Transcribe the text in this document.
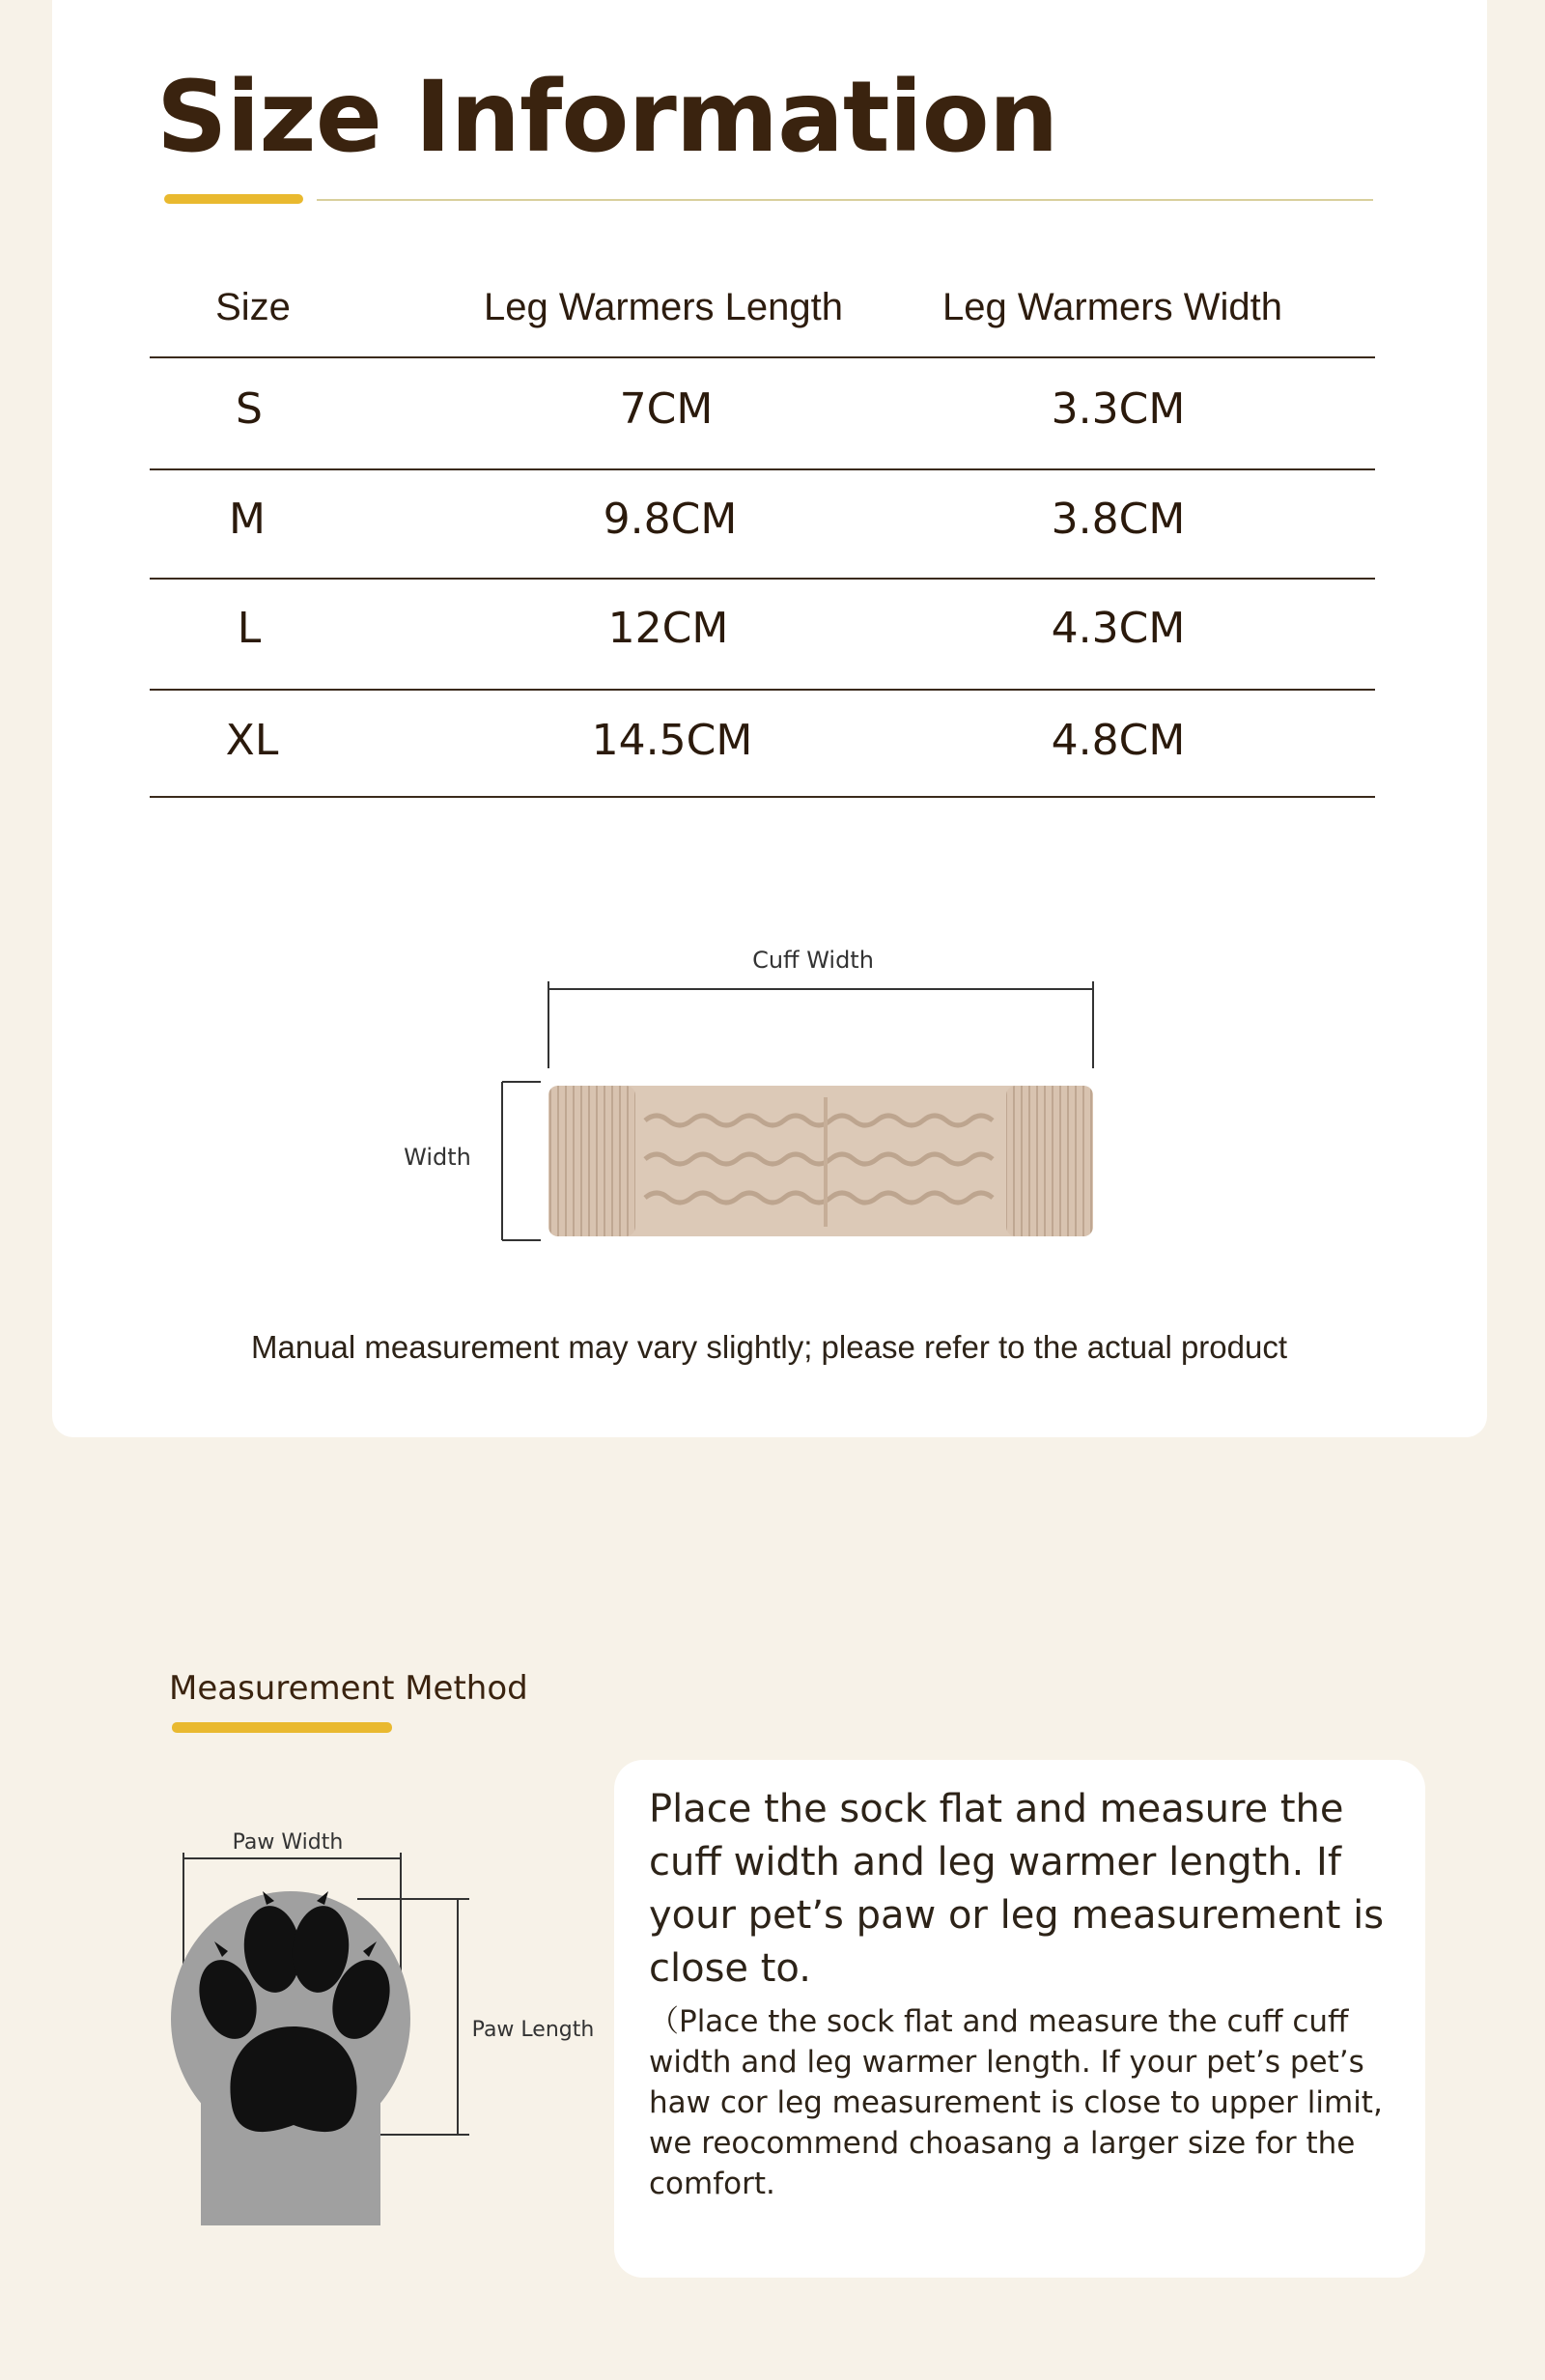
Size Information
Size	Leg Warmers Length	Leg Warmers Width
S	7CM	3.3CM
M	9.8CM	3.8CM
L	12CM	4.3CM
XL	14.5CM	4.8CM
Cuff Width
Width
Manual measurement may vary slightly; please refer to the actual product
Measurement Method
Paw Width
Paw Length

Place the sock flat and measure the cuff width and leg warmer length. If your pet’s paw or leg measurement is close to.

（Place the sock flat and measure the cuff cuff width and leg warmer length. If your pet’s pet’s haw cor leg measurement is close to upper limit, we reocommend choasang a larger size for the comfort.
